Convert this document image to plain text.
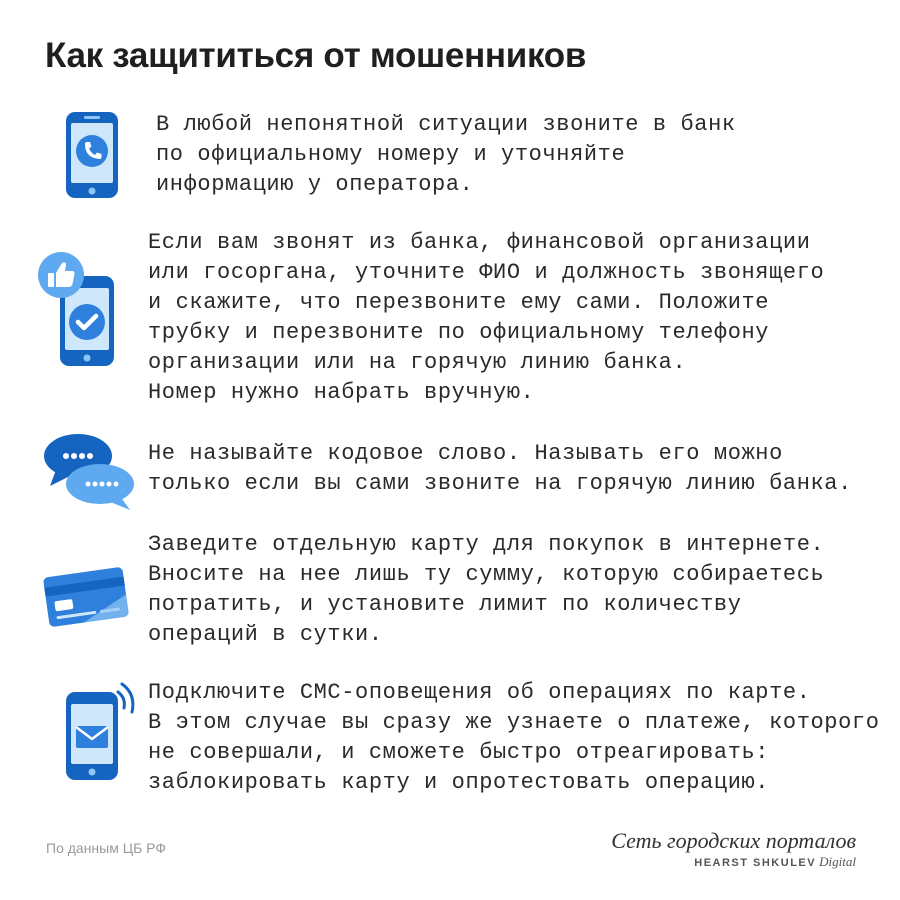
Как защититься от мошенников

В любой непонятной ситуации звоните в банк

по официальному номеру и уточняйте

информацию у оператора.

Если вам звонят из банка, финансовой организации

или госоргана, уточните ФИО и должность звонящего

и скажите, что перезвоните ему сами. Положите

трубку и перезвоните по официальному телефону

организации или на горячую линию банка.

Номер нужно набрать вручную.

Не называйте кодовое слово. Называть его можно

только если вы сами звоните на горячую линию банка.

Заведите отдельную карту для покупок в интернете.

Вносите на нее лишь ту сумму, которую собираетесь

потратить, и установите лимит по количеству

операций в сутки.

Подключите СМС-оповещения об операциях по карте.

В этом случае вы сразу же узнаете о платеже, которого

не совершали, и сможете быстро отреагировать:

заблокировать карту и опротестовать операцию.

По данным ЦБ РФ	Сеть городских порталов
HEARST SHKULEV Digital
